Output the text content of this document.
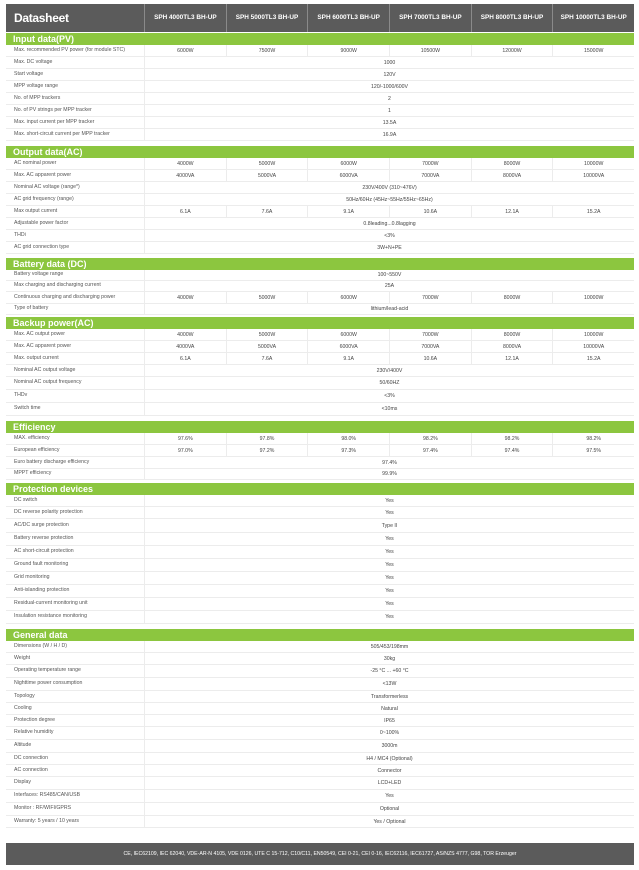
Datasheet	SPH 4000TL3 BH-UP	SPH 5000TL3 BH-UP	SPH 6000TL3 BH-UP	SPH 7000TL3 BH-UP	SPH 8000TL3 BH-UP	SPH 10000TL3 BH-UP
Input data(PV)
Max. recommended PV power (for module STC)	6000W	7500W	9000W	10500W	12000W	15000W
Max. DC voltage	1000
Start voltage	120V
MPP voltage range	120/-1000/600V
No. of MPP trackers	2
No. of PV strings per MPP tracker	1
Max. input current per MPP tracker	13.5A
Max. short-circuit current per MPP tracker	16.9A
Output data(AC)
AC nominal power	4000W	5000W	6000W	7000W	8000W	10000W
Max. AC apparent power	4000VA	5000VA	6000VA	7000VA	8000VA	10000VA
Nominal AC voltage (range*)	230V/400V (310~476V)
AC grid frequency (range)	50Hz/60Hz (45Hz~55Hz/55Hz~65Hz)
Max output current	6.1A	7.6A	9.1A	10.6A	12.1A	15.2A
Adjustable power factor	0.8leading...0.8lagging
THDi	<3%
AC grid connection type	3W+N+PE
Battery data (DC)
Battery voltage range	100~550V
Max charging and discharging current	25A
Continuous charging and discharging power	4000W	5000W	6000W	7000W	8000W	10000W
Type of battery	lithium/lead-acid
Backup power(AC)
Max. AC output power	4000W	5000W	6000W	7000W	8000W	10000W
Max. AC apparent power	4000VA	5000VA	6000VA	7000VA	8000VA	10000VA
Max. output current	6.1A	7.6A	9.1A	10.6A	12.1A	15.2A
Nominal AC output voltage	230V/400V
Nominal AC output frequency	50/60HZ
THDv	<3%
Switch time	<10ms
Efficiency
MAX. efficiency	97.6%	97.8%	98.0%	98.2%	98.2%	98.2%
European efficiency	97.0%	97.2%	97.3%	97.4%	97.4%	97.5%
Euro battery discharge efficiency	97.4%
MPPT efficiency	99.9%
Protection devices
DC switch	Yes
DC reverse polarity protection	Yes
AC/DC surge protection	Type II
Battery reverse protection	Yes
AC short-circuit protection	Yes
Ground fault monitoring	Yes
Grid monitoring	Yes
Anti-islanding protection	Yes
Residual-current monitoring unit	Yes
Insulation resistance monitoring	Yes
General data
Dimensions (W / H / D)	505/453/198mm
Weight	30kg
Operating temperature range	-25 °C ... +60 °C
Nighttime power consumption	<13W
Topology	Transformerless
Cooling	Natural
Protection degree	IP65
Relative humidity	0~100%
Altitude	3000m
DC connection	H4 / MC4 (Optional)
AC connection	Connector
Display	LCD+LED
Interfaces: RS485/CAN/USB	Yes
Monitor : RF/WIFI/GPRS	Optional
Warranty: 5 years / 10 years	Yes / Optional
CE, IEC62109, IEC 62040, VDE-AR-N 4105, VDE 0126, UTE C 15-712, C10/C11, EN50549, CEI 0-21, CEI 0-16, IEC62116, IEC61727, AS/NZS 4777, G98, TOR Erzeuger
